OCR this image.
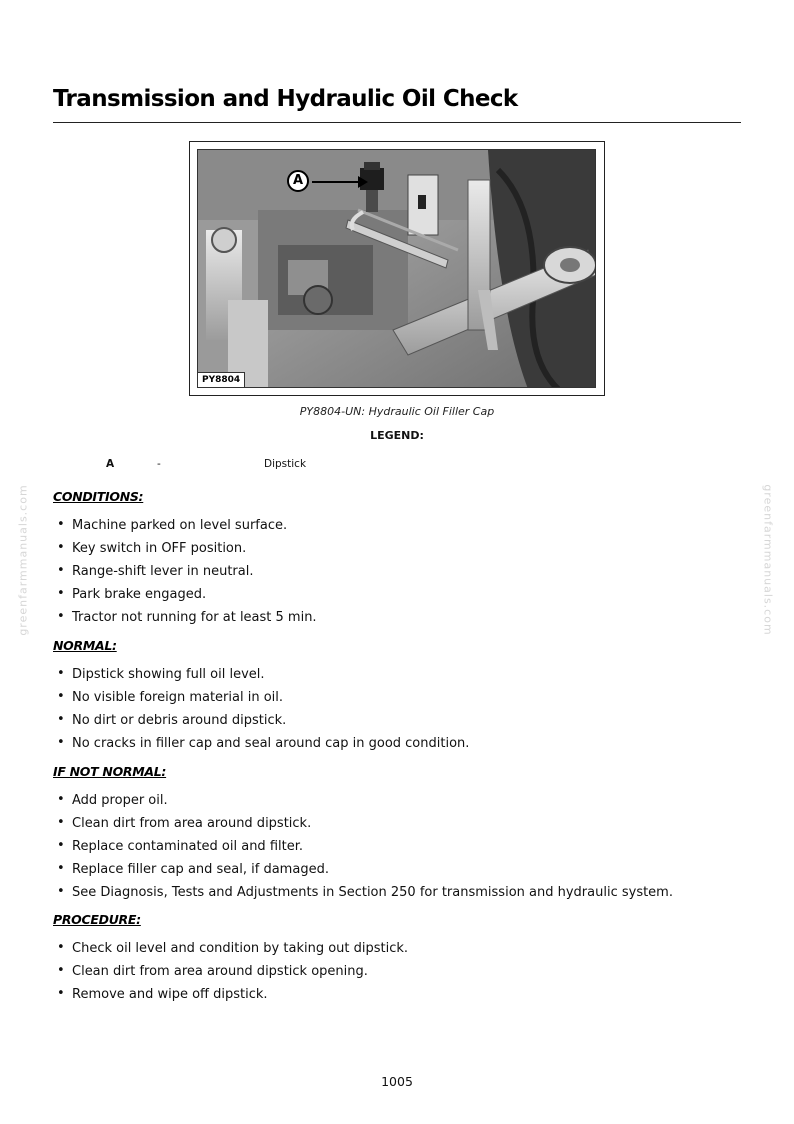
Transmission and Hydraulic Oil Check
A
PY8804
PY8804-UN: Hydraulic Oil Filler Cap
LEGEND:
A	-	Dipstick
greenfarmmanuals.com	greenfarmmanuals.com
CONDITIONS:
• Machine parked on level surface.
• Key switch in OFF position.
• Range-shift lever in neutral.
• Park brake engaged.
• Tractor not running for at least 5 min.
NORMAL:
• Dipstick showing full oil level.
• No visible foreign material in oil.
• No dirt or debris around dipstick.
• No cracks in filler cap and seal around cap in good condition.
IF NOT NORMAL:
• Add proper oil.
• Clean dirt from area around dipstick.
• Replace contaminated oil and filter.
• Replace filler cap and seal, if damaged.
• See Diagnosis, Tests and Adjustments in Section 250 for transmission and hydraulic system.
PROCEDURE:
• Check oil level and condition by taking out dipstick.
• Clean dirt from area around dipstick opening.
• Remove and wipe off dipstick.
1005
